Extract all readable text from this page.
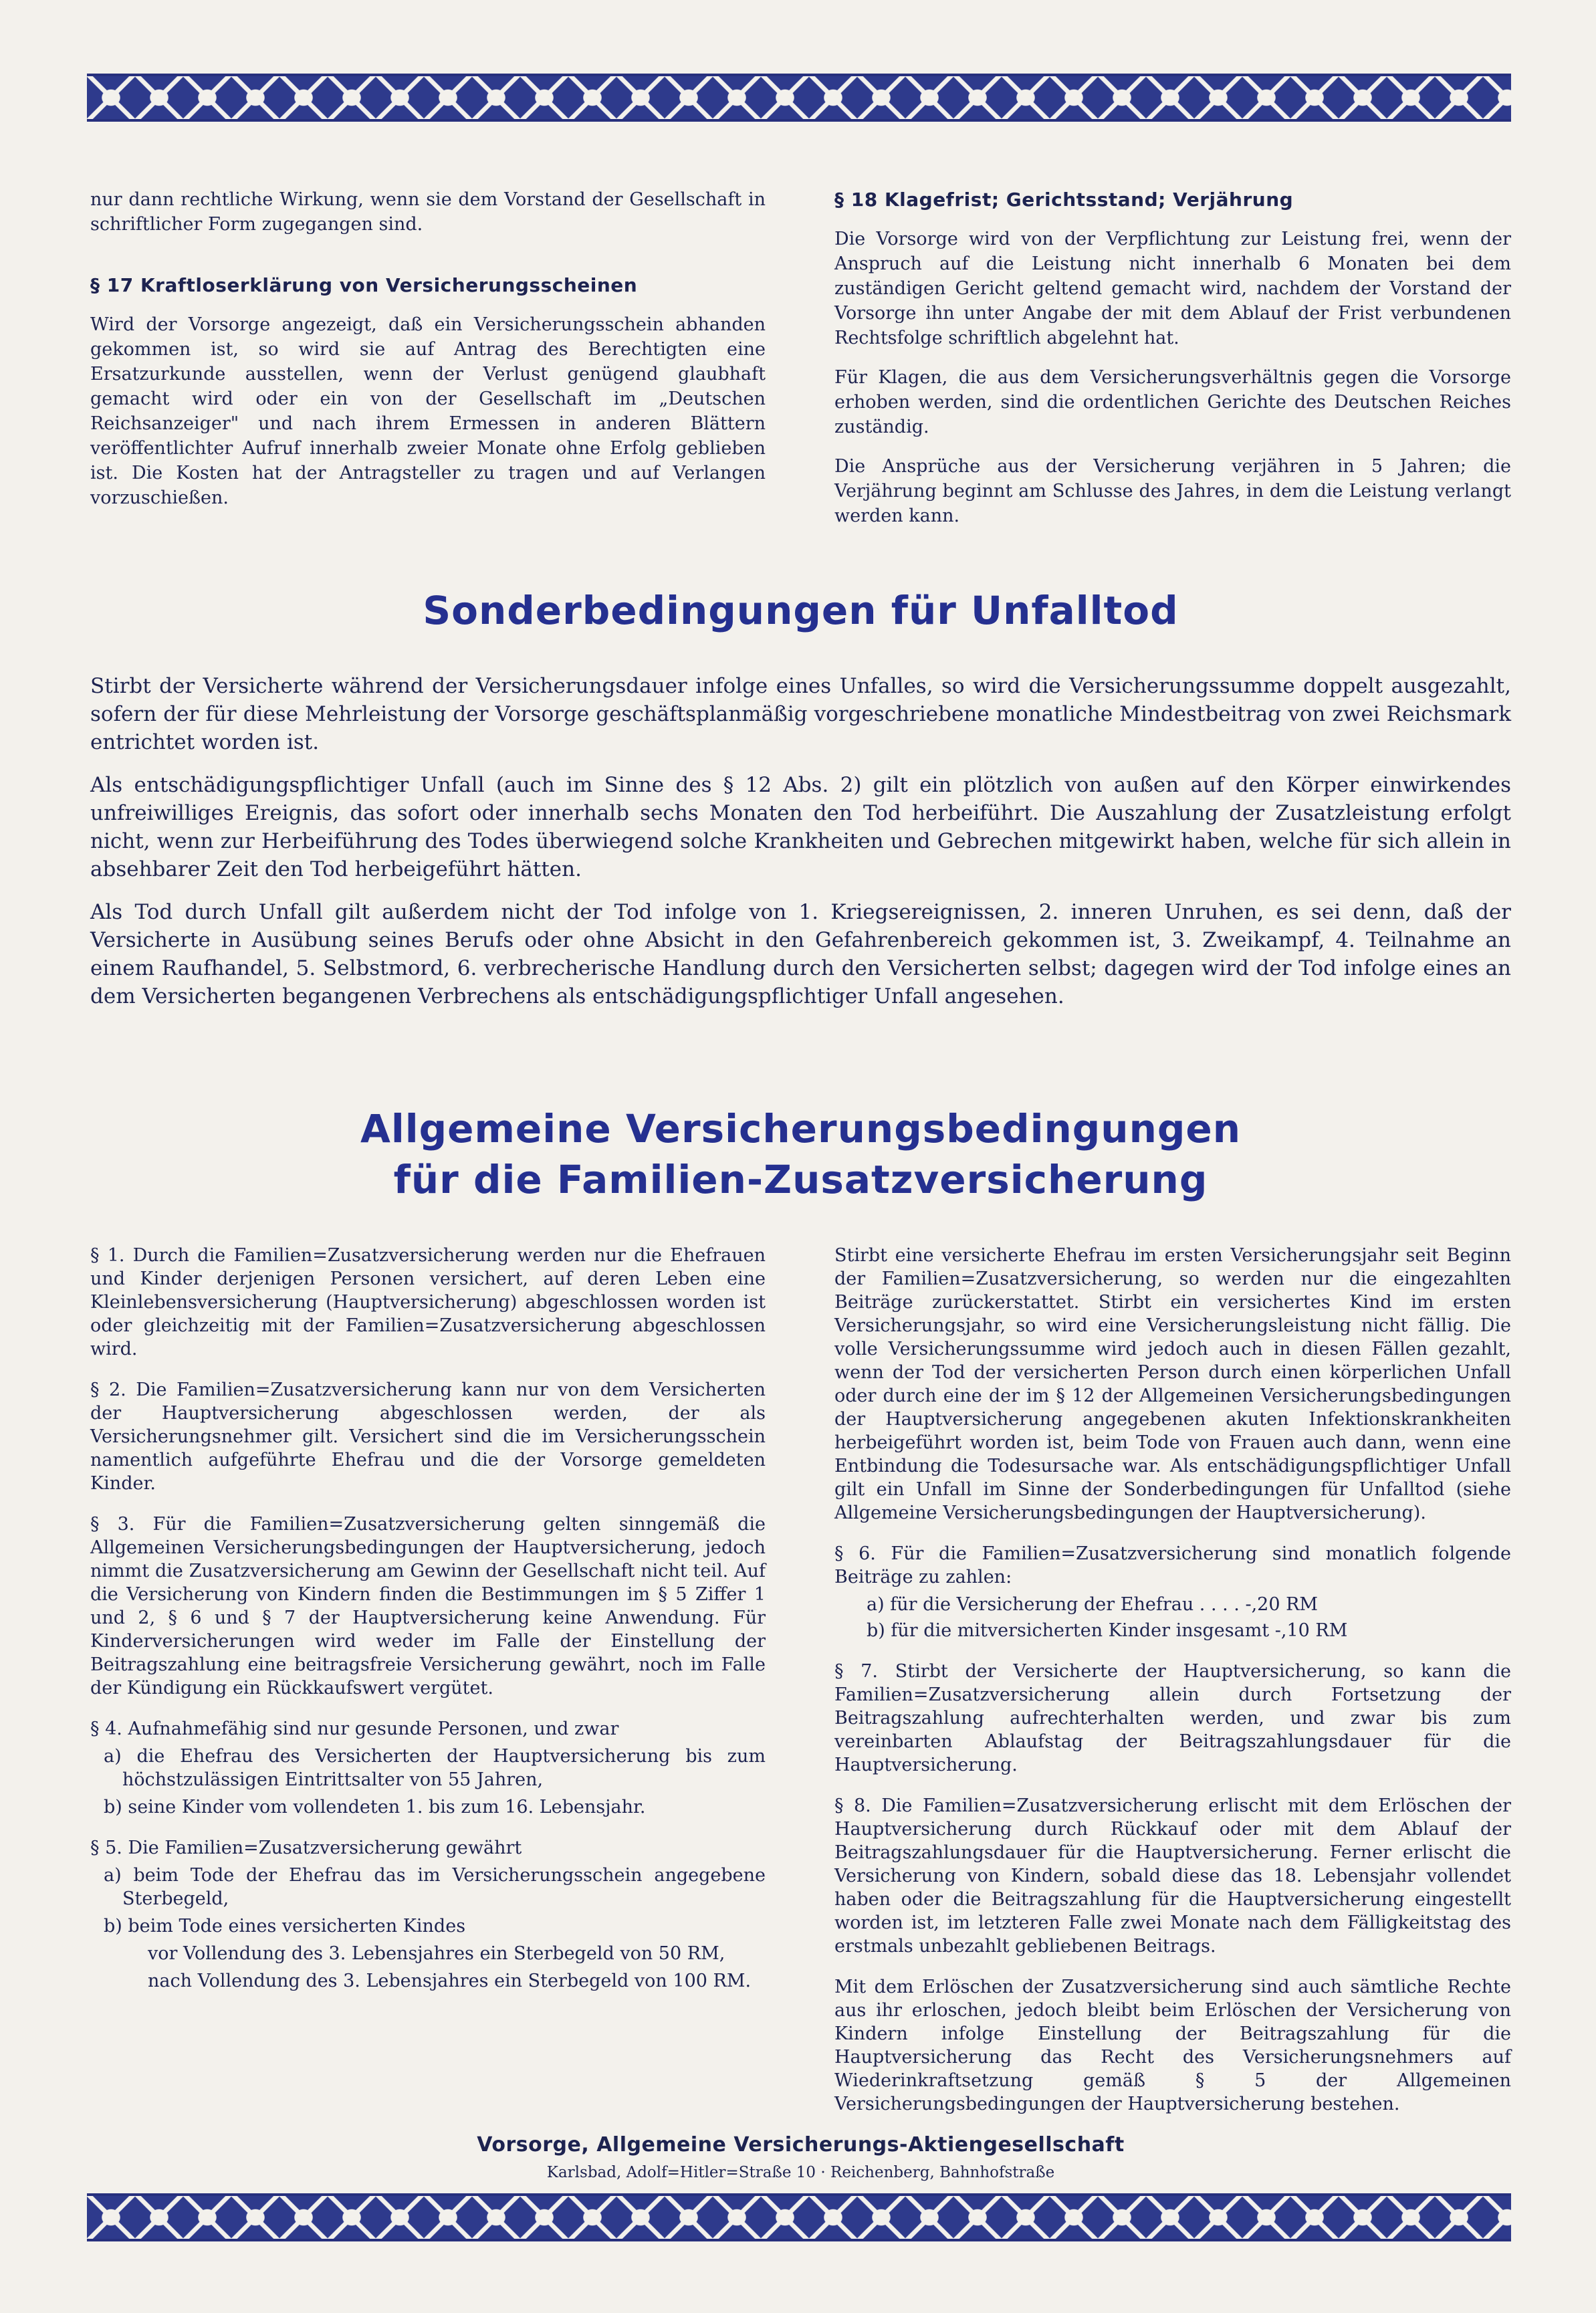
nur dann rechtliche Wirkung, wenn sie dem Vorstand der Gesellschaft in schriftlicher Form zugegangen sind.

§ 17 Kraftloserklärung von Versicherungsscheinen

Wird der Vorsorge angezeigt, daß ein Versicherungsschein abhanden gekommen ist, so wird sie auf Antrag des Berechtigten eine Ersatzurkunde ausstellen, wenn der Verlust genügend glaubhaft gemacht wird oder ein von der Gesellschaft im „Deutschen Reichsanzeiger" und nach ihrem Ermessen in anderen Blättern veröffentlichter Aufruf innerhalb zweier Monate ohne Erfolg geblieben ist. Die Kosten hat der Antragsteller zu tragen und auf Verlangen vorzuschießen.

§ 18 Klagefrist; Gerichtsstand; Verjährung

Die Vorsorge wird von der Verpflichtung zur Leistung frei, wenn der Anspruch auf die Leistung nicht innerhalb 6 Monaten bei dem zuständigen Gericht geltend gemacht wird, nachdem der Vorstand der Vorsorge ihn unter Angabe der mit dem Ablauf der Frist verbundenen Rechtsfolge schriftlich abgelehnt hat.

Für Klagen, die aus dem Versicherungsverhältnis gegen die Vorsorge erhoben werden, sind die ordentlichen Gerichte des Deutschen Reiches zuständig.

Die Ansprüche aus der Versicherung verjähren in 5 Jahren; die Verjährung beginnt am Schlusse des Jahres, in dem die Leistung verlangt werden kann.

Sonderbedingungen für Unfalltod

Stirbt der Versicherte während der Versicherungsdauer infolge eines Unfalles, so wird die Versicherungssumme doppelt ausgezahlt, sofern der für diese Mehrleistung der Vorsorge geschäftsplanmäßig vorgeschriebene monatliche Mindestbeitrag von zwei Reichsmark entrichtet worden ist.

Als entschädigungspflichtiger Unfall (auch im Sinne des § 12 Abs. 2) gilt ein plötzlich von außen auf den Körper einwirkendes unfreiwilliges Ereignis, das sofort oder innerhalb sechs Monaten den Tod herbeiführt. Die Auszahlung der Zusatzleistung erfolgt nicht, wenn zur Herbeiführung des Todes überwiegend solche Krankheiten und Gebrechen mitgewirkt haben, welche für sich allein in absehbarer Zeit den Tod herbeigeführt hätten.

Als Tod durch Unfall gilt außerdem nicht der Tod infolge von 1. Kriegsereignissen, 2. inneren Unruhen, es sei denn, daß der Versicherte in Ausübung seines Berufs oder ohne Absicht in den Gefahrenbereich gekommen ist, 3. Zweikampf, 4. Teilnahme an einem Raufhandel, 5. Selbstmord, 6. verbrecherische Handlung durch den Versicherten selbst; dagegen wird der Tod infolge eines an dem Versicherten begangenen Verbrechens als entschädigungspflichtiger Unfall angesehen.

Allgemeine Versicherungsbedingungen
für die Familien-Zusatzversicherung

§ 1. Durch die Familien=Zusatzversicherung werden nur die Ehefrauen und Kinder derjenigen Personen versichert, auf deren Leben eine Kleinlebensversicherung (Hauptversicherung) abgeschlossen worden ist oder gleichzeitig mit der Familien=Zusatzversicherung abgeschlossen wird.

§ 2. Die Familien=Zusatzversicherung kann nur von dem Versicherten der Hauptversicherung abgeschlossen werden, der als Versicherungsnehmer gilt. Versichert sind die im Versicherungsschein namentlich aufgeführte Ehefrau und die der Vorsorge gemeldeten Kinder.

§ 3. Für die Familien=Zusatzversicherung gelten sinngemäß die Allgemeinen Versicherungsbedingungen der Hauptversicherung, jedoch nimmt die Zusatzversicherung am Gewinn der Gesellschaft nicht teil. Auf die Versicherung von Kindern finden die Bestimmungen im § 5 Ziffer 1 und 2, § 6 und § 7 der Hauptversicherung keine Anwendung. Für Kinderversicherungen wird weder im Falle der Einstellung der Beitragszahlung eine beitragsfreie Versicherung gewährt, noch im Falle der Kündigung ein Rückkaufswert vergütet.

§ 4. Aufnahmefähig sind nur gesunde Personen, und zwar

a) die Ehefrau des Versicherten der Hauptversicherung bis zum höchstzulässigen Eintrittsalter von 55 Jahren,

b) seine Kinder vom vollendeten 1. bis zum 16. Lebensjahr.

§ 5. Die Familien=Zusatzversicherung gewährt

a) beim Tode der Ehefrau das im Versicherungsschein angegebene Sterbegeld,

b) beim Tode eines versicherten Kindes

vor Vollendung des 3. Lebensjahres ein Sterbegeld von 50 RM,

nach Vollendung des 3. Lebensjahres ein Sterbegeld von 100 RM.

Stirbt eine versicherte Ehefrau im ersten Versicherungsjahr seit Beginn der Familien=Zusatzversicherung, so werden nur die eingezahlten Beiträge zurückerstattet. Stirbt ein versichertes Kind im ersten Versicherungsjahr, so wird eine Versicherungsleistung nicht fällig. Die volle Versicherungssumme wird jedoch auch in diesen Fällen gezahlt, wenn der Tod der versicherten Person durch einen körperlichen Unfall oder durch eine der im § 12 der Allgemeinen Versicherungsbedingungen der Hauptversicherung angegebenen akuten Infektionskrankheiten herbeigeführt worden ist, beim Tode von Frauen auch dann, wenn eine Entbindung die Todesursache war. Als entschädigungspflichtiger Unfall gilt ein Unfall im Sinne der Sonderbedingungen für Unfalltod (siehe Allgemeine Versicherungsbedingungen der Hauptversicherung).

§ 6. Für die Familien=Zusatzversicherung sind monatlich folgende Beiträge zu zahlen:

a) für die Versicherung der Ehefrau . . . . -,20 RM

b) für die mitversicherten Kinder insgesamt -,10 RM

§ 7. Stirbt der Versicherte der Hauptversicherung, so kann die Familien=Zusatzversicherung allein durch Fortsetzung der Beitragszahlung aufrechterhalten werden, und zwar bis zum vereinbarten Ablaufstag der Beitragszahlungsdauer für die Hauptversicherung.

§ 8. Die Familien=Zusatzversicherung erlischt mit dem Erlöschen der Hauptversicherung durch Rückkauf oder mit dem Ablauf der Beitragszahlungsdauer für die Hauptversicherung. Ferner erlischt die Versicherung von Kindern, sobald diese das 18. Lebensjahr vollendet haben oder die Beitragszahlung für die Hauptversicherung eingestellt worden ist, im letzteren Falle zwei Monate nach dem Fälligkeitstag des erstmals unbezahlt gebliebenen Beitrags.

Mit dem Erlöschen der Zusatzversicherung sind auch sämtliche Rechte aus ihr erloschen, jedoch bleibt beim Erlöschen der Versicherung von Kindern infolge Einstellung der Beitragszahlung für die Hauptversicherung das Recht des Versicherungsnehmers auf Wiederinkraftsetzung gemäß § 5 der Allgemeinen Versicherungsbedingungen der Hauptversicherung bestehen.

Vorsorge, Allgemeine Versicherungs-Aktiengesellschaft

Karlsbad, Adolf=Hitler=Straße 10 · Reichenberg, Bahnhofstraße
